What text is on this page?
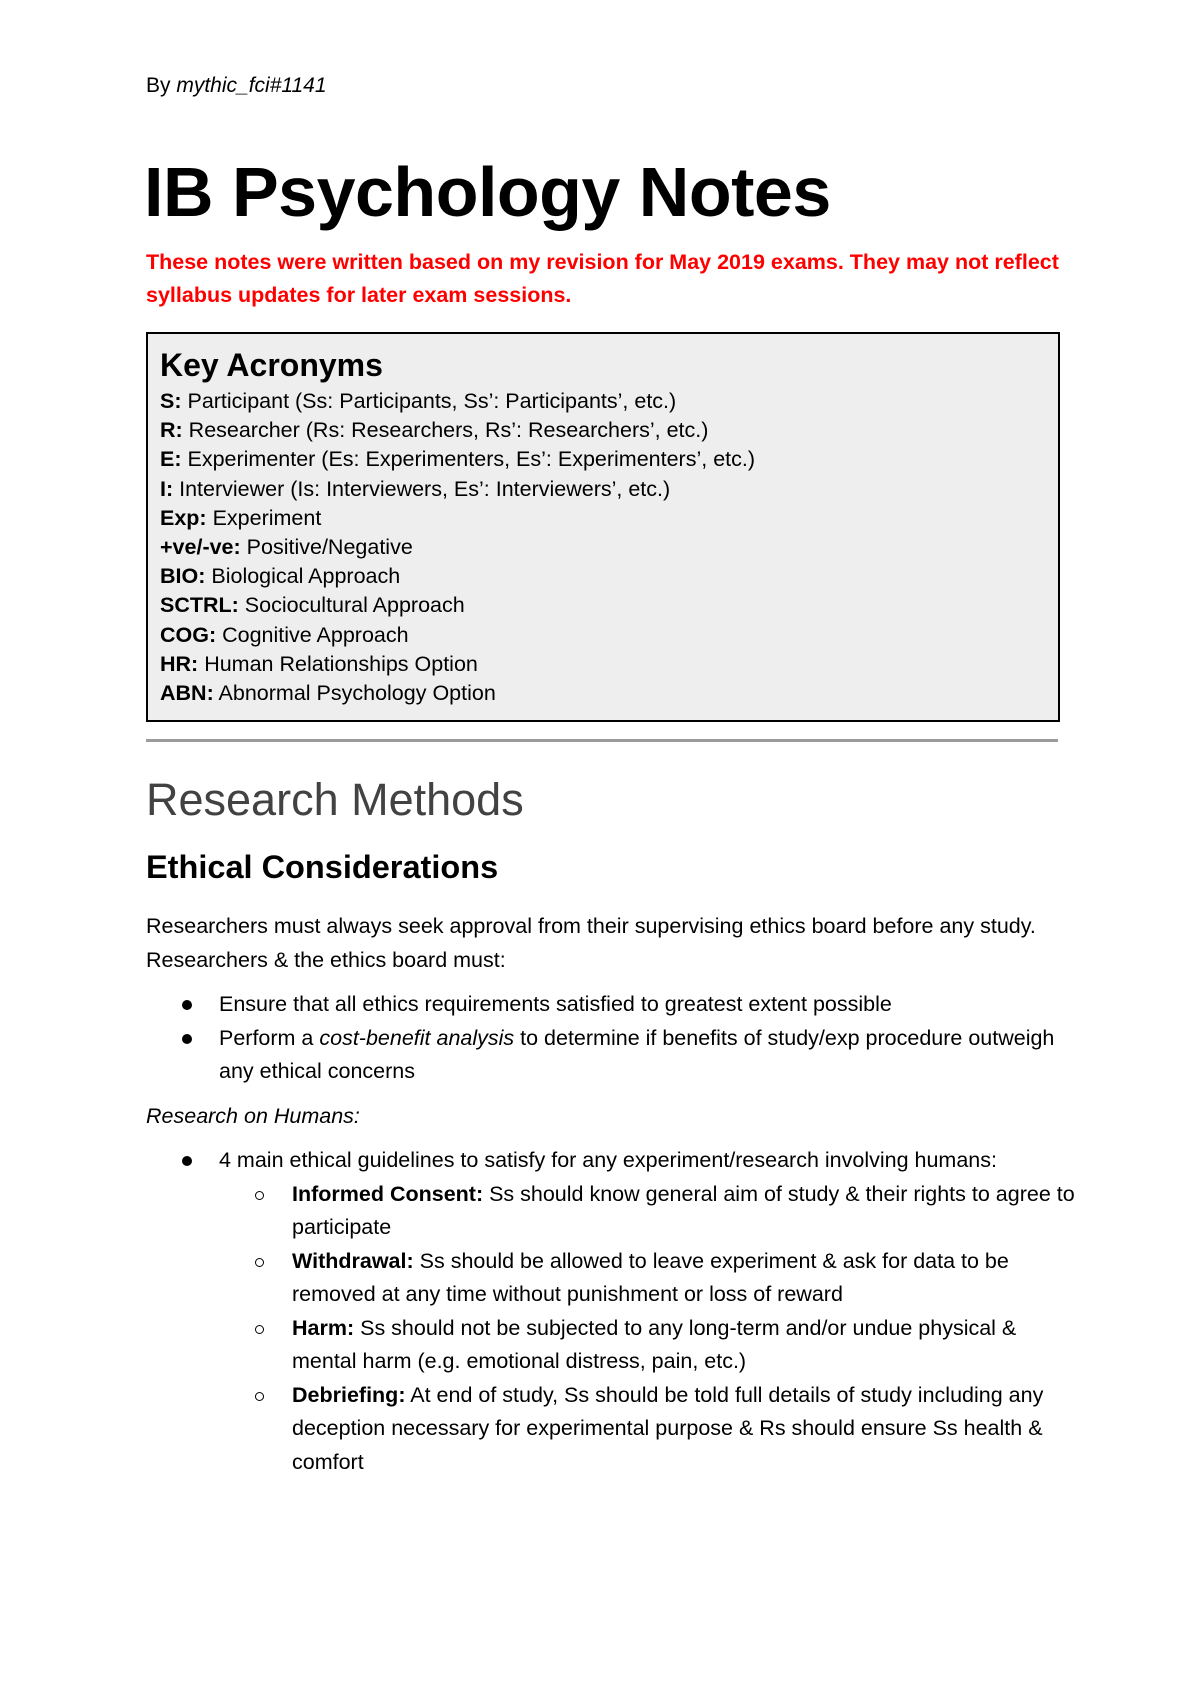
By mythic_fci#1141
IB Psychology Notes

These notes were written based on my revision for May 2019 exams. They may not reflect syllabus updates for later exam sessions.

Key Acronyms
S: Participant (Ss: Participants, Ss’: Participants’, etc.)
R: Researcher (Rs: Researchers, Rs’: Researchers’, etc.)
E: Experimenter (Es: Experimenters, Es’: Experimenters’, etc.)
I: Interviewer (Is: Interviewers, Es’: Interviewers’, etc.)
Exp: Experiment
+ve/-ve: Positive/Negative
BIO: Biological Approach
SCTRL: Sociocultural Approach
COG: Cognitive Approach
HR: Human Relationships Option
ABN: Abnormal Psychology Option
Research Methods
Ethical Considerations

Researchers must always seek approval from their supervising ethics board before any study. Researchers & the ethics board must:

Ensure that all ethics requirements satisfied to greatest extent possible
Perform a cost-benefit analysis to determine if benefits of study/exp procedure outweigh any ethical concerns

Research on Humans:

4 main ethical guidelines to satisfy for any experiment/research involving humans:
Informed Consent: Ss should know general aim of study & their rights to agree to participate
Withdrawal: Ss should be allowed to leave experiment & ask for data to be removed at any time without punishment or loss of reward
Harm: Ss should not be subjected to any long-term and/or undue physical & mental harm (e.g. emotional distress, pain, etc.)
Debriefing: At end of study, Ss should be told full details of study including any deception necessary for experimental purpose & Rs should ensure Ss health & comfort
